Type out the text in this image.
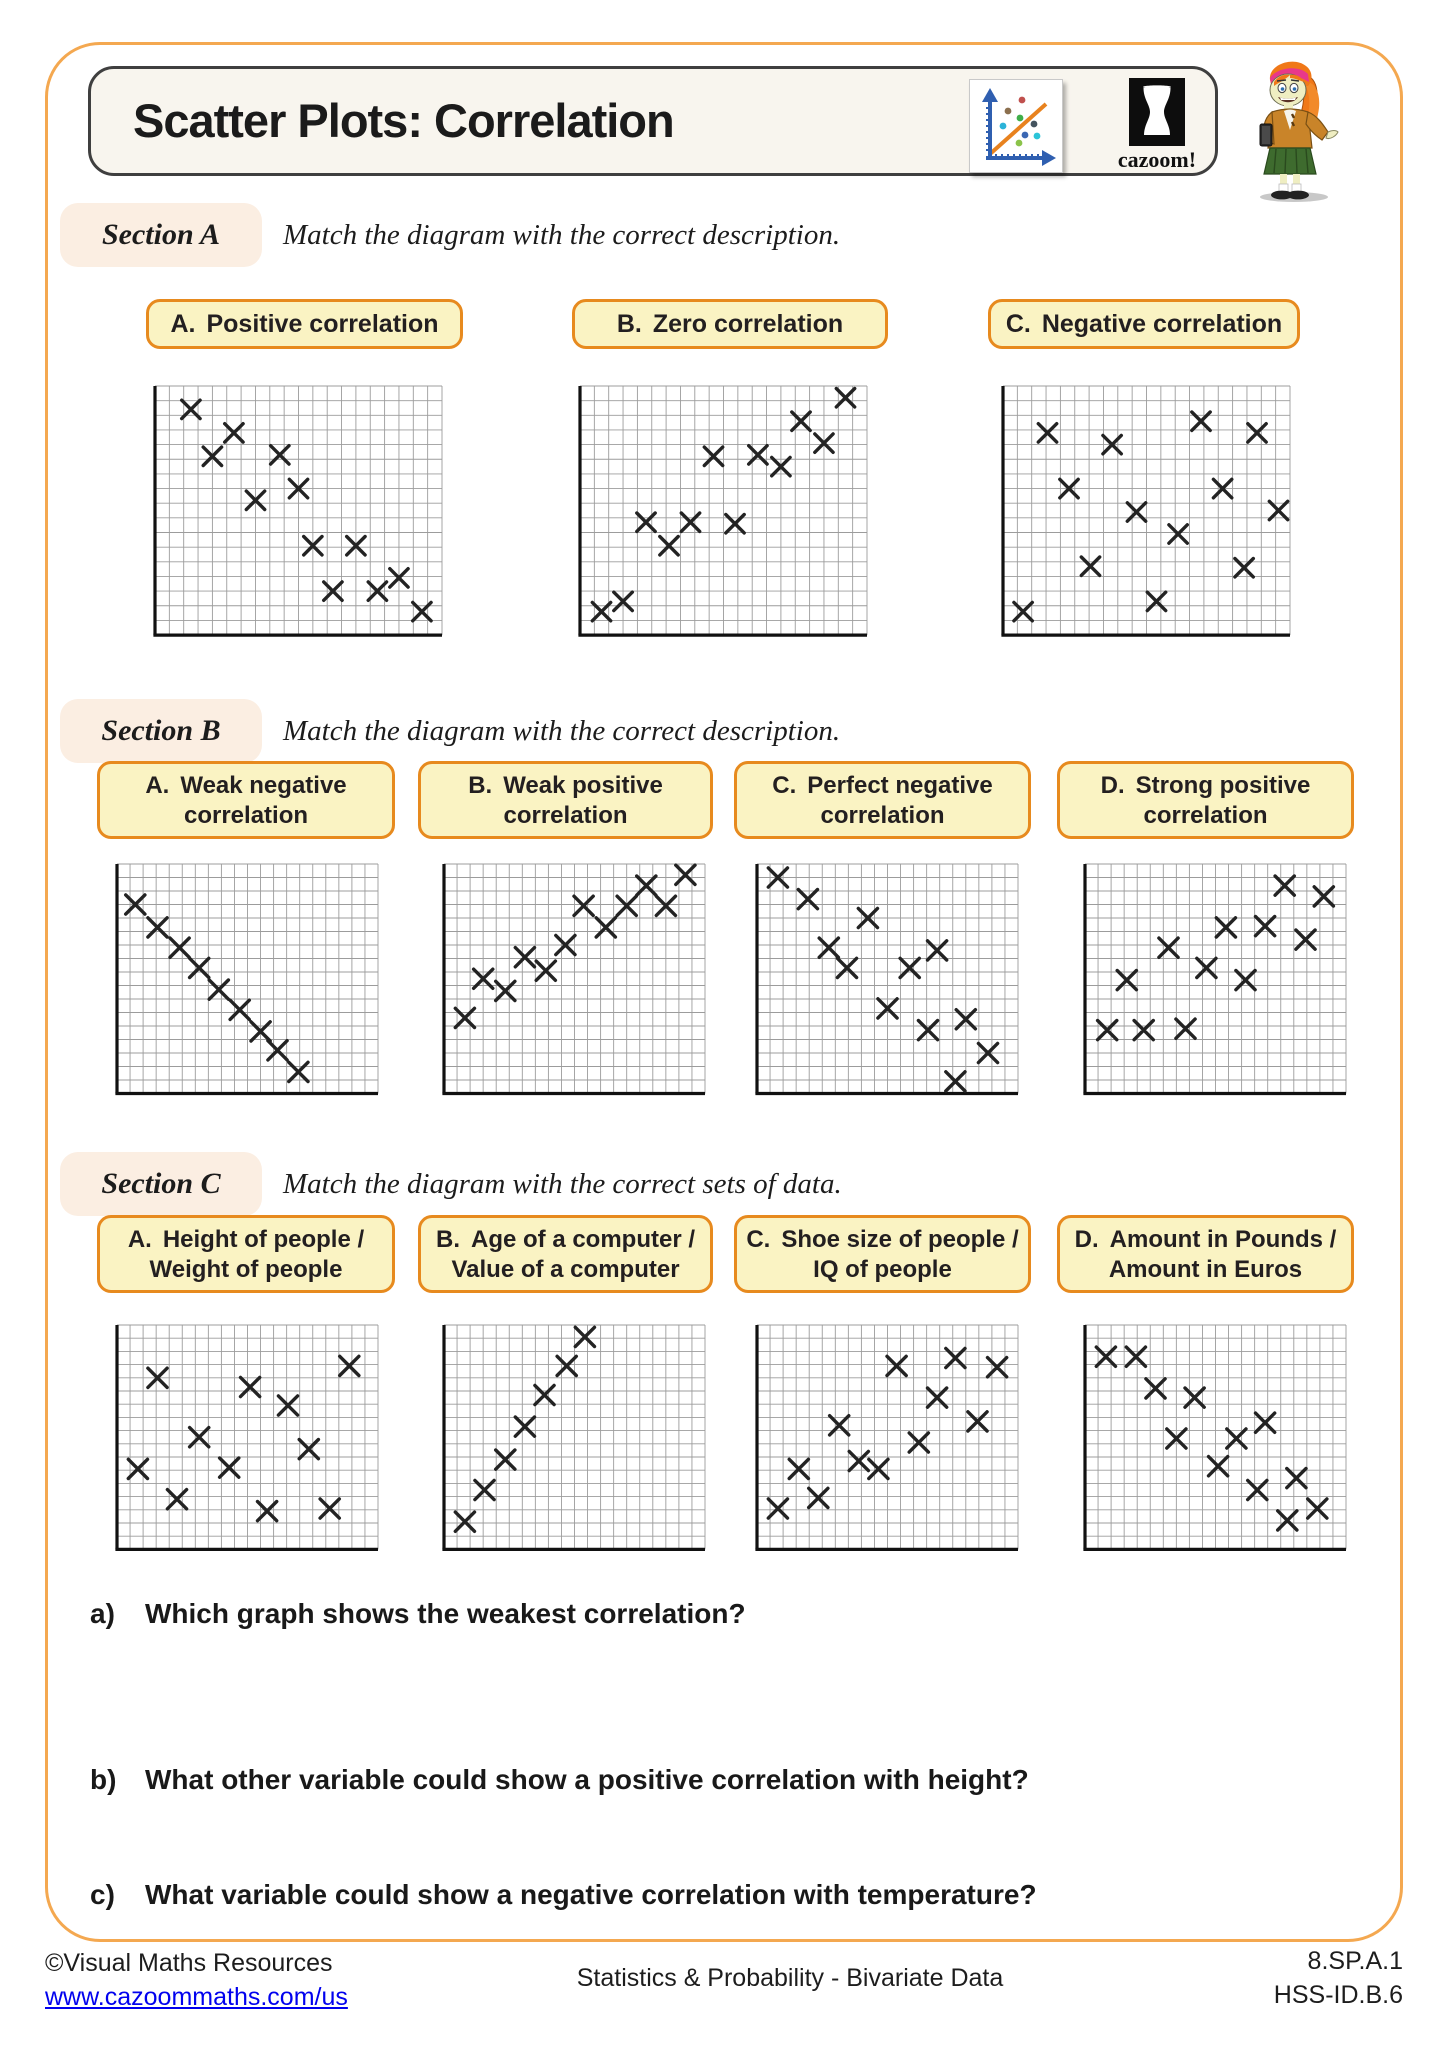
Scatter Plots: Correlation
cazoom!
Section A	Match the diagram with the correct description.
A. Positive correlation	B. Zero correlation	C. Negative correlation
Section B	Match the diagram with the correct description.
A. Weak negative
correlation
B. Weak positive
correlation
C. Perfect negative
correlation
D. Strong positive
correlation
Section C	Match the diagram with the correct sets of data.
A. Height of people /
Weight of people
B. Age of a computer /
Value of a computer
C. Shoe size of people /
IQ of people
D. Amount in Pounds /
Amount in Euros
a) Which graph shows the weakest correlation?
b) What other variable could show a positive correlation with height?
c) What variable could show a negative correlation with temperature?
©Visual Maths Resources
www.cazoommaths.com/us
Statistics & Probability - Bivariate Data
8.SP.A.1
HSS-ID.B.6
